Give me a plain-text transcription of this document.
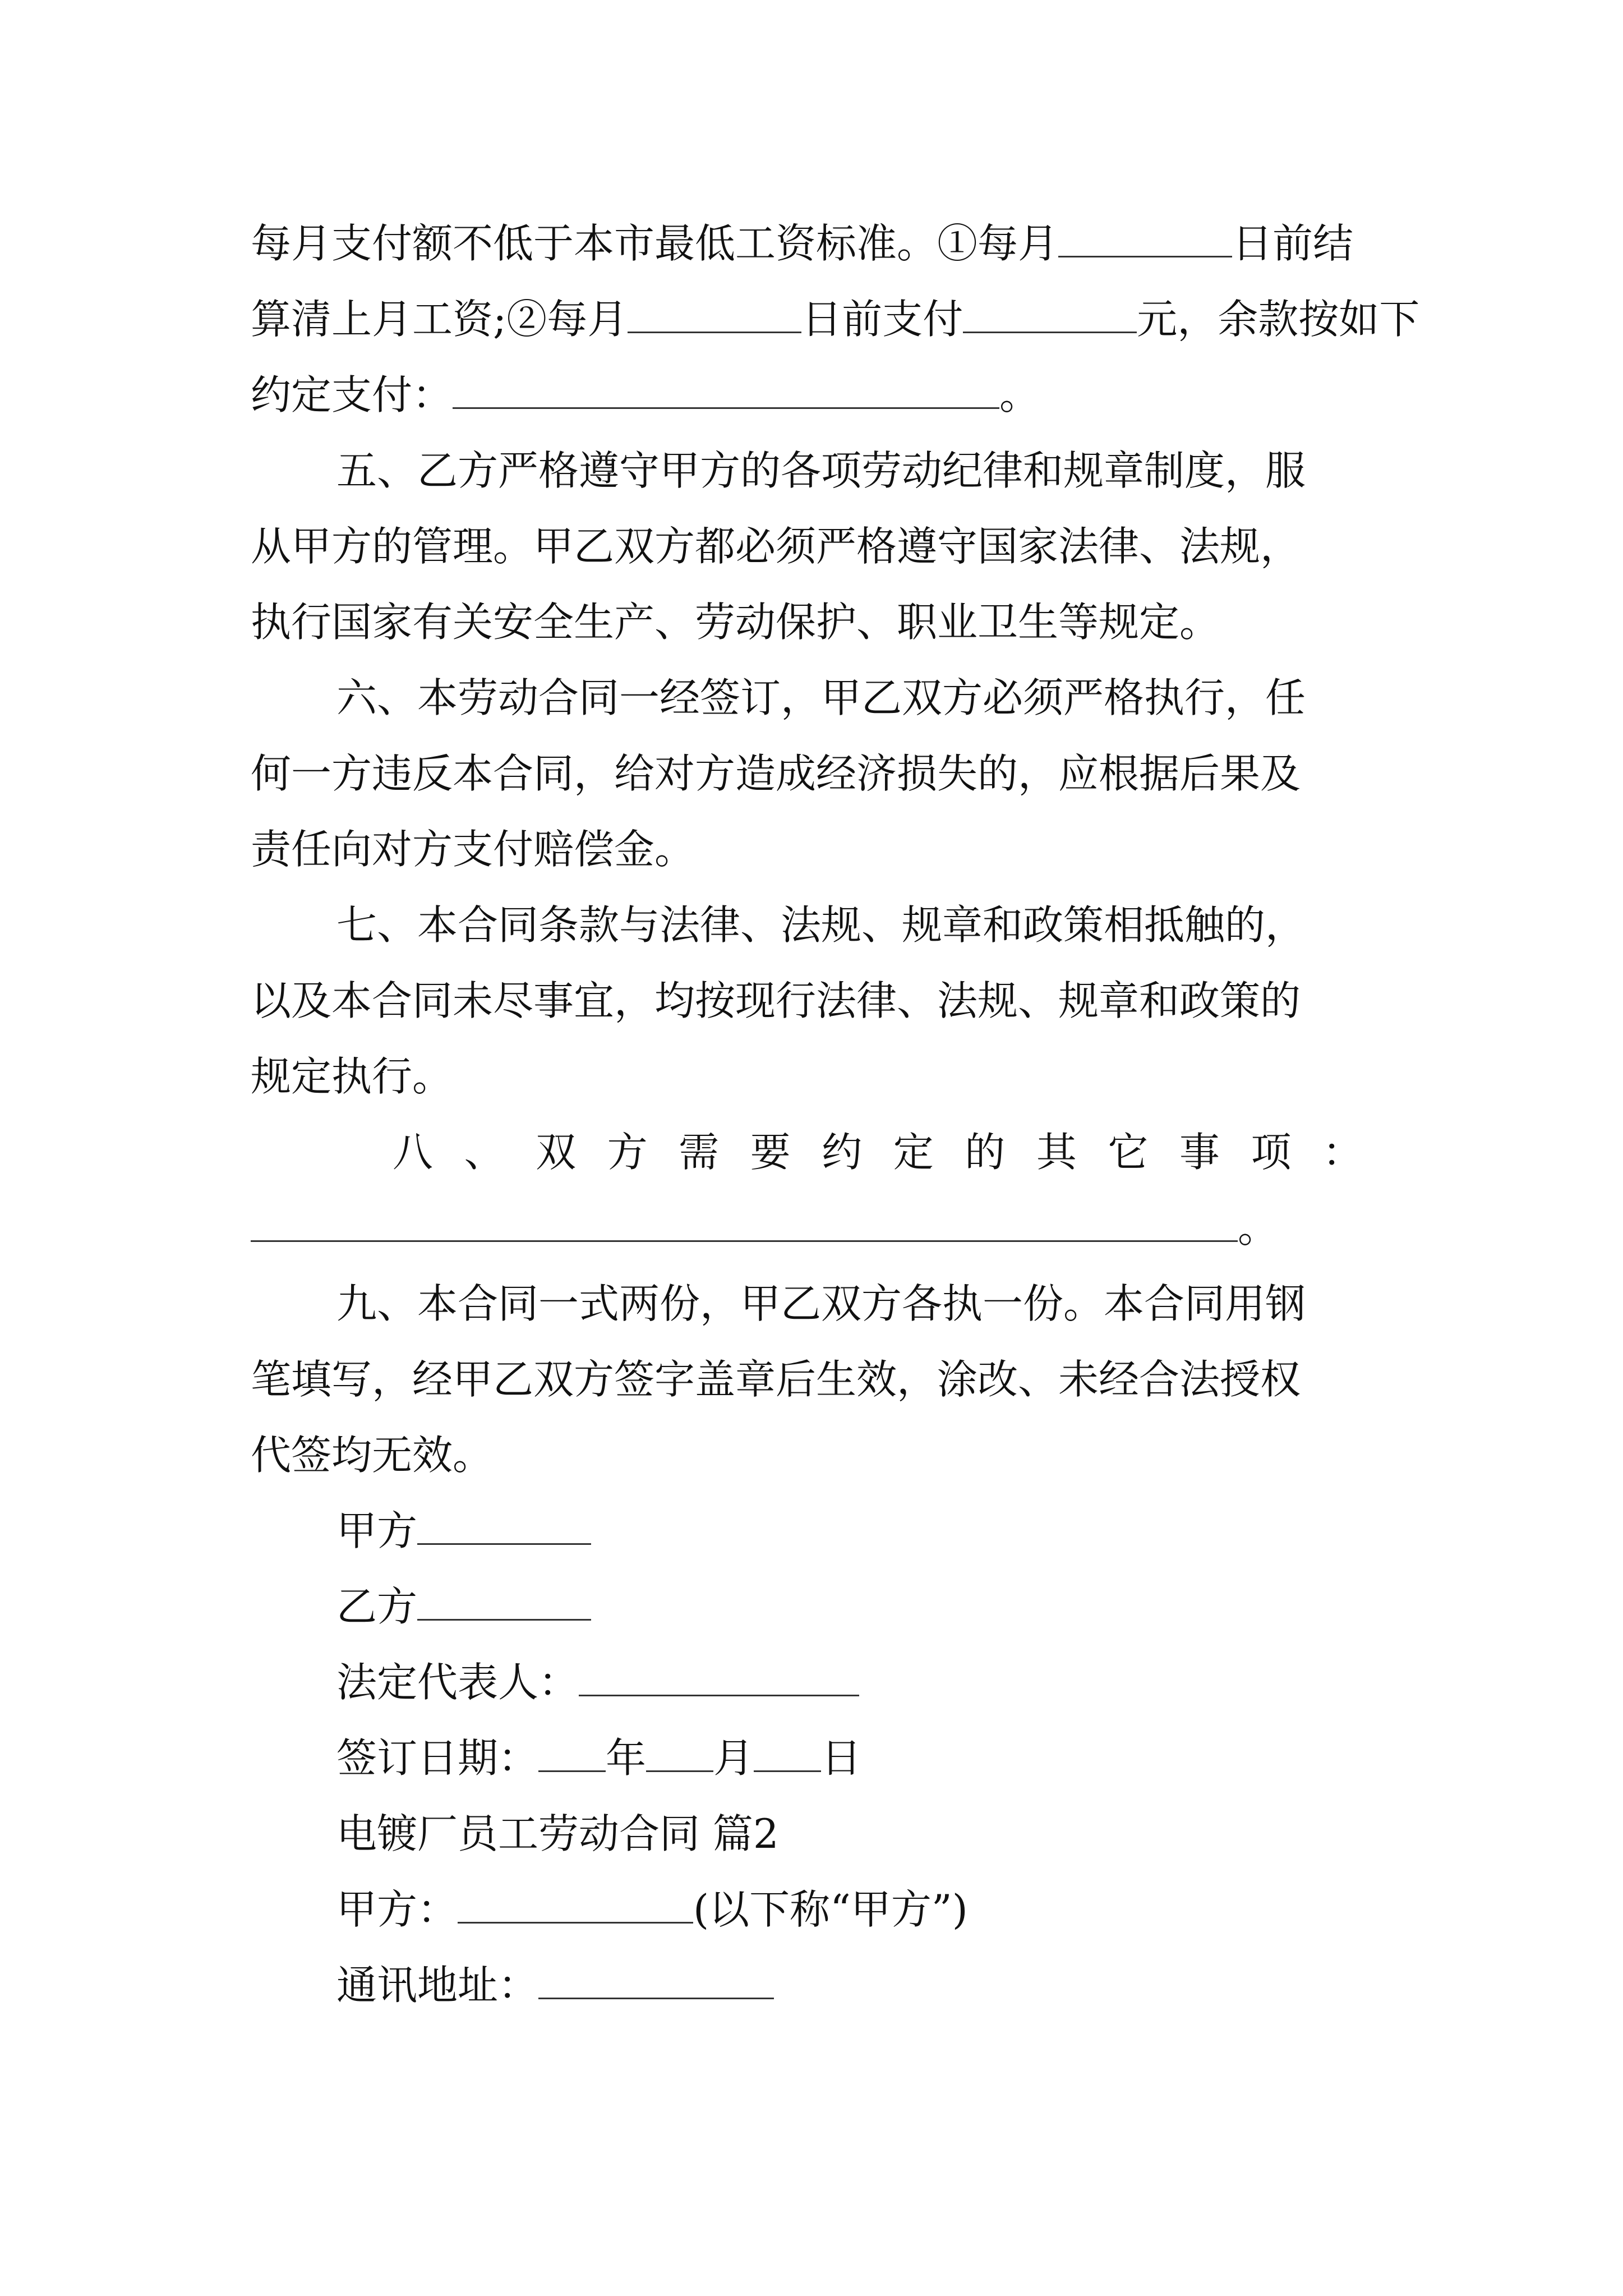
每月支付额不低于本市最低工资标准。①每月	日前结

算清上月工资;②每月	日前支付	元，余款按如下

约定支付：	。

五、乙方严格遵守甲方的各项劳动纪律和规章制度，服

从甲方的管理。甲乙双方都必须严格遵守国家法律、法规，

执行国家有关安全生产、劳动保护、职业卫生等规定。

六、本劳动合同一经签订，甲乙双方必须严格执行，任

何一方违反本合同，给对方造成经济损失的，应根据后果及

责任向对方支付赔偿金。

七、本合同条款与法律、法规、规章和政策相抵触的，

以及本合同未尽事宜，均按现行法律、法规、规章和政策的

规定执行。

八、双方需要约定的其它事项：

。

九、本合同一式两份，甲乙双方各执一份。本合同用钢

笔填写，经甲乙双方签字盖章后生效，涂改、未经合法授权

代签均无效。

甲方

乙方

法定代表人：

签订日期： 年 月 日

电镀厂员工劳动合同 篇2

甲方：	(以下称“甲方”)

通讯地址：
